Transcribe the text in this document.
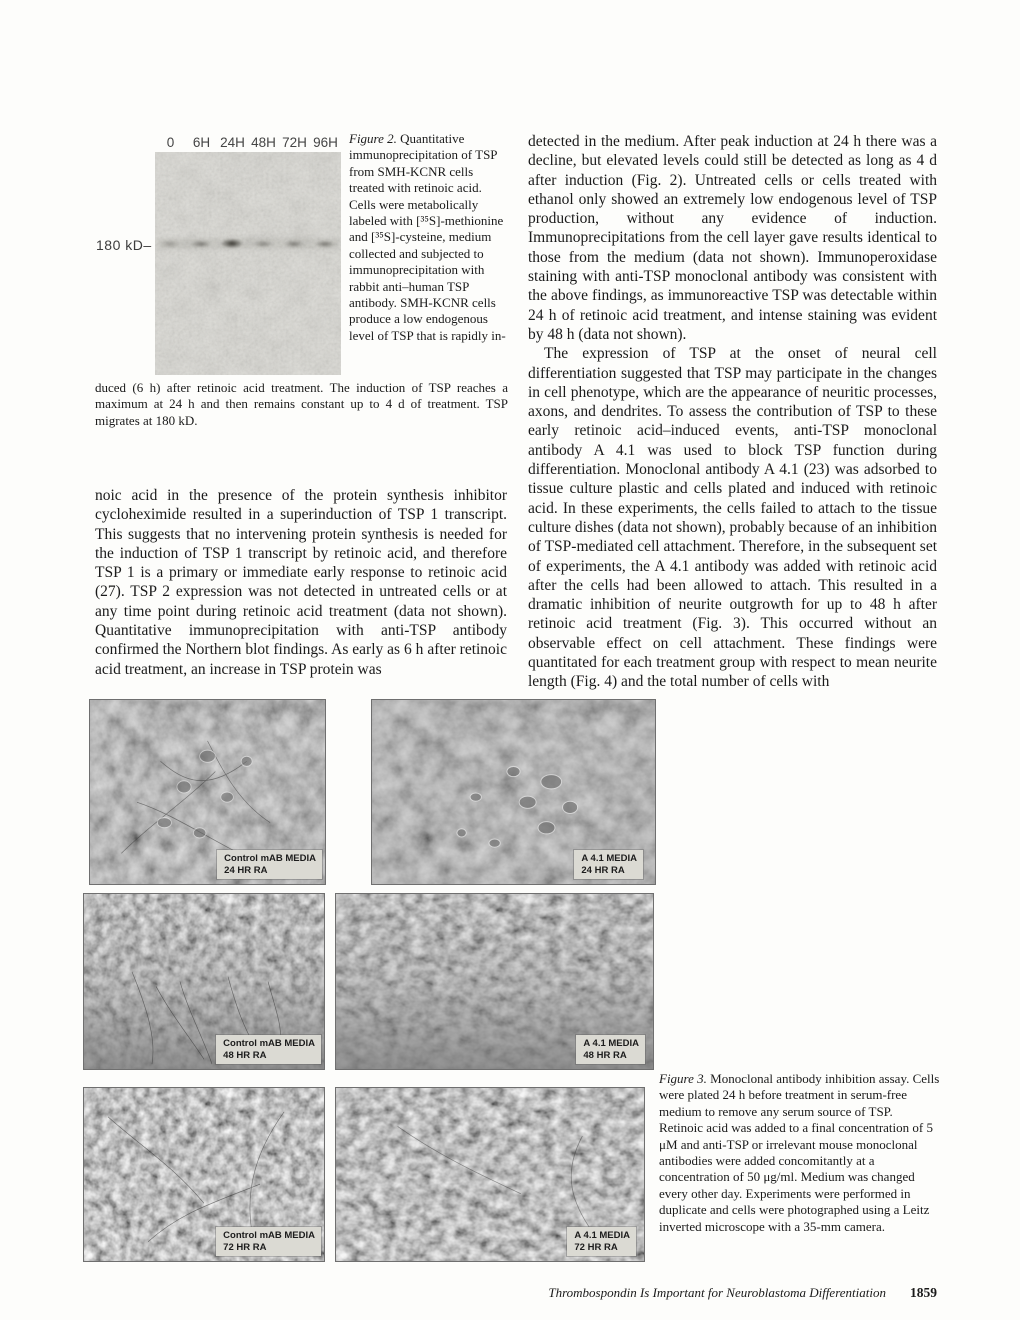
0	6H 24H 48H 72H 96H
180 kD–
Figure 2. Quantitative immunoprecipitation of TSP from SMH-KCNR cells treated with retinoic acid. Cells were metabolically labeled with [³⁵S]-methionine and [³⁵S]-cysteine, medium collected and subjected to immunoprecipitation with rabbit anti–human TSP antibody. SMH-KCNR cells produce a low endogenous level of TSP that is rapidly in-
duced (6 h) after retinoic acid treatment. The induction of TSP reaches a maximum at 24 h and then remains constant up to 4 d of treatment. TSP migrates at 180 kD.

noic acid in the presence of the protein synthesis inhibitor cycloheximide resulted in a superinduction of TSP 1 transcript. This suggests that no intervening protein synthesis is needed for the induction of TSP 1 transcript by retinoic acid, and therefore TSP 1 is a primary or immediate early response to retinoic acid (27). TSP 2 expression was not detected in untreated cells or at any time point during retinoic acid treatment (data not shown). Quantitative immunoprecipitation with anti-TSP antibody confirmed the Northern blot findings. As early as 6 h after retinoic acid treatment, an increase in TSP protein was

detected in the medium. After peak induction at 24 h there was a decline, but elevated levels could still be detected as long as 4 d after induction (Fig. 2). Untreated cells or cells treated with ethanol only showed an extremely low endogenous level of TSP production, without any evidence of induction. Immunoprecipitations from the cell layer gave results identical to those from the medium (data not shown). Immunoperoxidase staining with anti-TSP monoclonal antibody was consistent with the above findings, as immunoreactive TSP was detectable within 24 h of retinoic acid treatment, and intense staining was evident by 48 h (data not shown).

The expression of TSP at the onset of neural cell differentiation suggested that TSP may participate in the changes in cell phenotype, which are the appearance of neuritic processes, axons, and dendrites. To assess the contribution of TSP to these early retinoic acid–induced events, anti-TSP monoclonal antibody A 4.1 was used to block TSP function during differentiation. Monoclonal antibody A 4.1 (23) was adsorbed to tissue culture plastic and cells plated and induced with retinoic acid. In these experiments, the cells failed to attach to the tissue culture dishes (data not shown), probably because of an inhibition of TSP-mediated cell attachment. Therefore, in the subsequent set of experiments, the A 4.1 antibody was added with retinoic acid after the cells had been allowed to attach. This resulted in a dramatic inhibition of neurite outgrowth for up to 48 h after retinoic acid treatment (Fig. 3). This occurred without an observable effect on cell attachment. These findings were quantitated for each treatment group with respect to mean neurite length (Fig. 4) and the total number of cells with

Control mAB MEDIA
24 HR RA
A 4.1 MEDIA
24 HR RA
Control mAB MEDIA
48 HR RA
A 4.1 MEDIA
48 HR RA
Control mAB MEDIA
72 HR RA
A 4.1 MEDIA
72 HR RA
Figure 3. Monoclonal antibody inhibition assay. Cells were plated 24 h before treatment in serum-free medium to remove any serum source of TSP. Retinoic acid was added to a final concentration of 5 μM and anti-TSP or irrelevant mouse monoclonal antibodies were added concomitantly at a concentration of 50 μg/ml. Medium was changed every other day. Experiments were performed in duplicate and cells were photographed using a Leitz inverted microscope with a 35-mm camera.
Thrombospondin Is Important for Neuroblastoma Differentiation 1859
